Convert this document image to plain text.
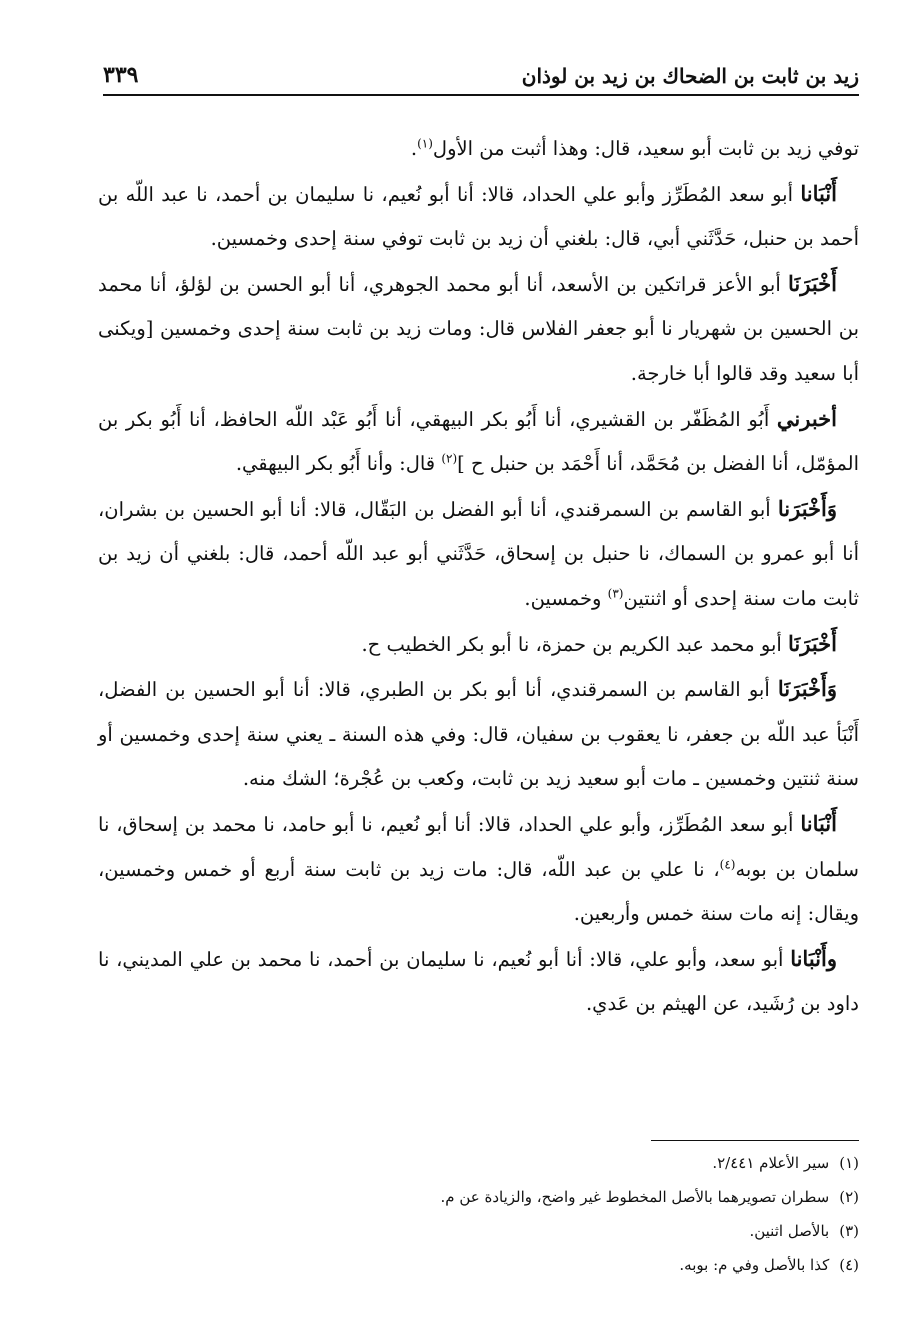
زيد بن ثابت بن الضحاك بن زيد بن لوذان
٣٣٩

توفي زيد بن ثابت أبو سعيد، قال: وهذا أثبت من الأول$^{(١)}$.

أَنْبَانا أبو سعد المُطَرِّز وأبو علي الحداد، قالا: أنا أبو نُعيم، نا سليمان بن أحمد، نا عبد اللّه بن أحمد بن حنبل، حَدَّثَني أبي، قال: بلغني أن زيد بن ثابت توفي سنة إحدى وخمسين.

أَخْبَرَنَا أبو الأعز قراتكين بن الأسعد، أنا أبو محمد الجوهري، أنا أبو الحسن بن لؤلؤ، أنا محمد بن الحسين بن شهريار نا أبو جعفر الفلاس قال: ومات زيد بن ثابت سنة إحدى وخمسين [ويكنى أبا سعيد وقد قالوا أبا خارجة.

أخبرني أَبُو المُظَفّر بن القشيري، أنا أَبُو بكر البيهقي، أنا أَبُو عَبْد اللّه الحافظ، أنا أَبُو بكر بن المؤمّل، أنا الفضل بن مُحَمَّد، أنا أَحْمَد بن حنبل ح ]$^{(٢)}$ قال: وأنا أَبُو بكر البيهقي.

وَأَخْبَرَنا أبو القاسم بن السمرقندي، أنا أبو الفضل بن البَقّال، قالا: أنا أبو الحسين بن بشران، أنا أبو عمرو بن السماك، نا حنبل بن إسحاق، حَدَّثَني أبو عبد اللّه أحمد، قال: بلغني أن زيد بن ثابت مات سنة إحدى أو اثنتين$^{(٣)}$ وخمسين.

أَخْبَرَنَا أبو محمد عبد الكريم بن حمزة، نا أبو بكر الخطيب ح.

وَأَخْبَرَنَا أبو القاسم بن السمرقندي، أنا أبو بكر بن الطبري، قالا: أنا أبو الحسين بن الفضل، أَنْبَأ عبد اللّه بن جعفر، نا يعقوب بن سفيان، قال: وفي هذه السنة ـ يعني سنة إحدى وخمسين أو سنة ثنتين وخمسين ـ مات أبو سعيد زيد بن ثابت، وكعب بن عُجْرة؛ الشك منه.

أَنْبَانا أبو سعد المُطَرِّز، وأبو علي الحداد، قالا: أنا أبو نُعيم، نا أبو حامد، نا محمد بن إسحاق، نا سلمان بن بوبه$^{(٤)}$، نا علي بن عبد اللّه، قال: مات زيد بن ثابت سنة أربع أو خمس وخمسين، ويقال: إنه مات سنة خمس وأربعين.

وأَنْبَانا أبو سعد، وأبو علي، قالا: أنا أبو نُعيم، نا سليمان بن أحمد، نا محمد بن علي المديني، نا داود بن رُشَيد، عن الهيثم بن عَدي.

(١)سير الأعلام ٢/٤٤١.
(٢)سطران تصويرهما بالأصل المخطوط غير واضح، والزيادة عن م.
(٣)بالأصل اثنين.
(٤)كذا بالأصل وفي م: بوبه.
